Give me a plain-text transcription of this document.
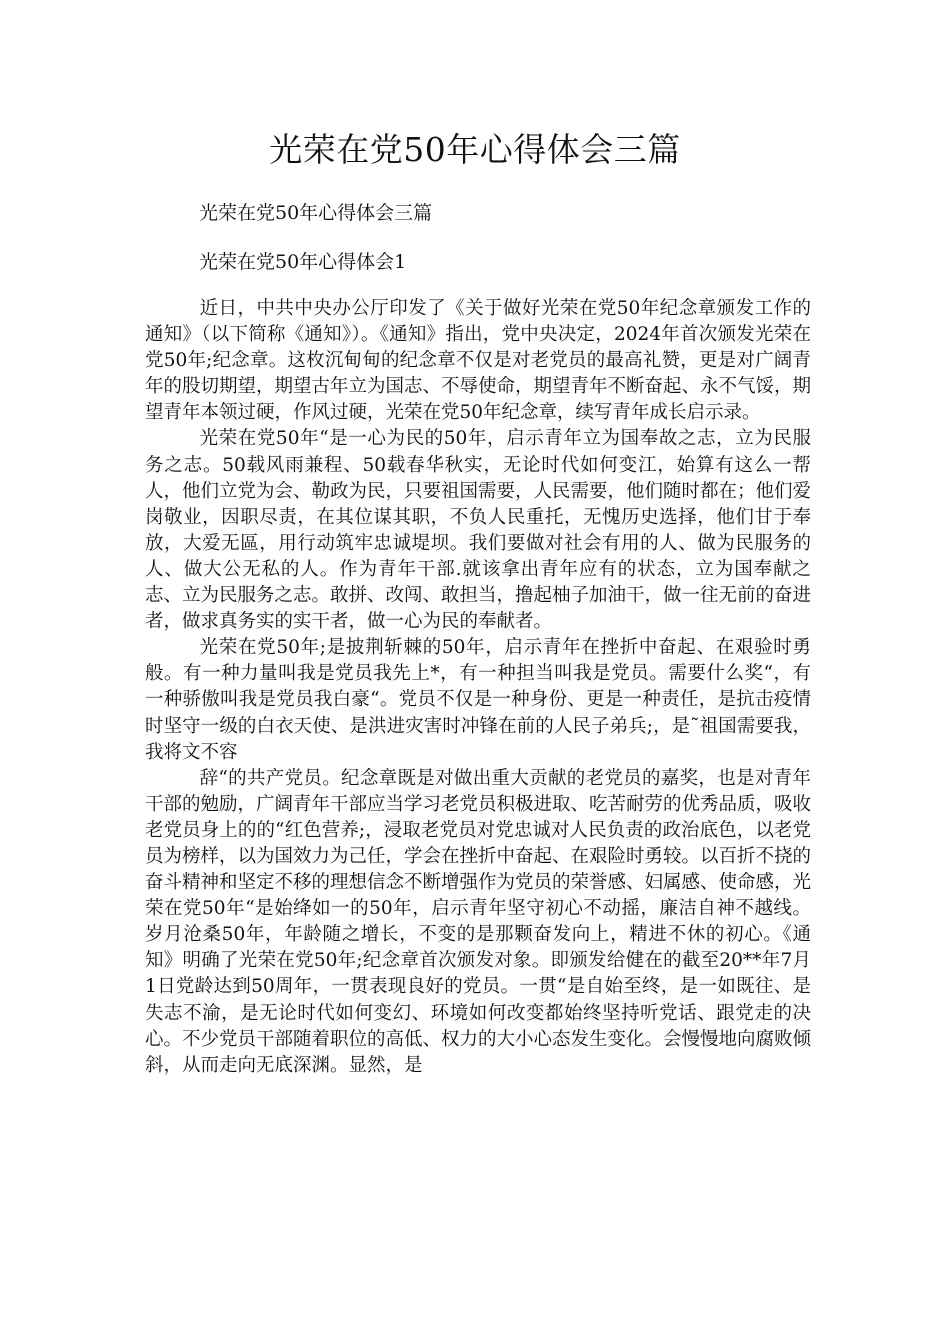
光荣在党50年心得体会三篇

光荣在党50年心得体会三篇

光荣在党50年心得体会1

近日，中共中央办公厅印发了《关于做好光荣在党50年纪念章颁发工作的通知》（以下简称《通知》）。《通知》指出，党中央决定，2024年首次颁发光荣在党50年;纪念章。这枚沉甸甸的纪念章不仅是对老党员的最高礼赞，更是对广阔青年的股切期望，期望古年立为国志、不辱使命，期望青年不断奋起、永不气馁，期望青年本领过硬，作风过硬，光荣在党50年纪念章，续写青年成长启示录。

光荣在党50年“是一心为民的50年，启示青年立为国奉故之志，立为民服务之志。50载风雨兼程、50载春华秋实，无论时代如何变江，始算有这么一帮人，他们立党为会、勒政为民，只要祖国需要，人民需要，他们随时都在；他们爱岗敬业，因职尽责，在其位谋其职，不负人民重托，无愧历史选择，他们甘于奉放，大爱无區，用行动筑牢忠诚堤坝。我们要做对社会有用的人、做为民服务的人、做大公无私的人。作为青年干部.就该拿出青年应有的状态，立为国奉献之志、立为民服务之志。敢拼、改闯、敢担当，撸起柚子加油干，做一往无前的奋进者，做求真务实的实干者，做一心为民的奉献者。

光荣在党50年;是披荆斩棘的50年，启示青年在挫折中奋起、在艰验时勇般。有一种力量叫我是党员我先上*，有一种担当叫我是党员。需要什么奖“，有一种骄傲叫我是党员我白豪“。党员不仅是一种身份、更是一种责任，是抗击疫情时坚守一级的白衣天使、是洪进灾害时冲锋在前的人民子弟兵;，是˜祖国需要我，我将文不容

辞“的共产党员。纪念章既是对做出重大贡献的老党员的嘉奖，也是对青年干部的勉励，广阔青年干部应当学习老党员积极进取、吃苦耐劳的优秀品质，吸收老党员身上的的“红色营养;，浸取老党员对党忠诚对人民负责的政治底色，以老党员为榜样，以为国效力为己任，学会在挫折中奋起、在艰险时勇较。以百折不挠的奋斗精神和坚定不移的理想信念不断增强作为党员的荣誉感、妇属感、使命感，光荣在党50年“是始绛如一的50年，启示青年坚守初心不动摇，廉洁自神不越线。岁月沧桑50年，年龄随之增长，不变的是那颗奋发向上，精进不休的初心。《通知》明确了光荣在党50年;纪念章首次颁发对象。即颁发给健在的截至20**年7月1日党龄达到50周年，一贯表现良好的党员。一贯“是自始至终，是一如既往、是失志不渝，是无论时代如何变幻、环境如何改变都始终坚持听党话、跟党走的决心。不少党员干部随着职位的高低、权力的大小心态发生变化。会慢慢地向腐败倾斜，从而走向无底深渊。显然，是
